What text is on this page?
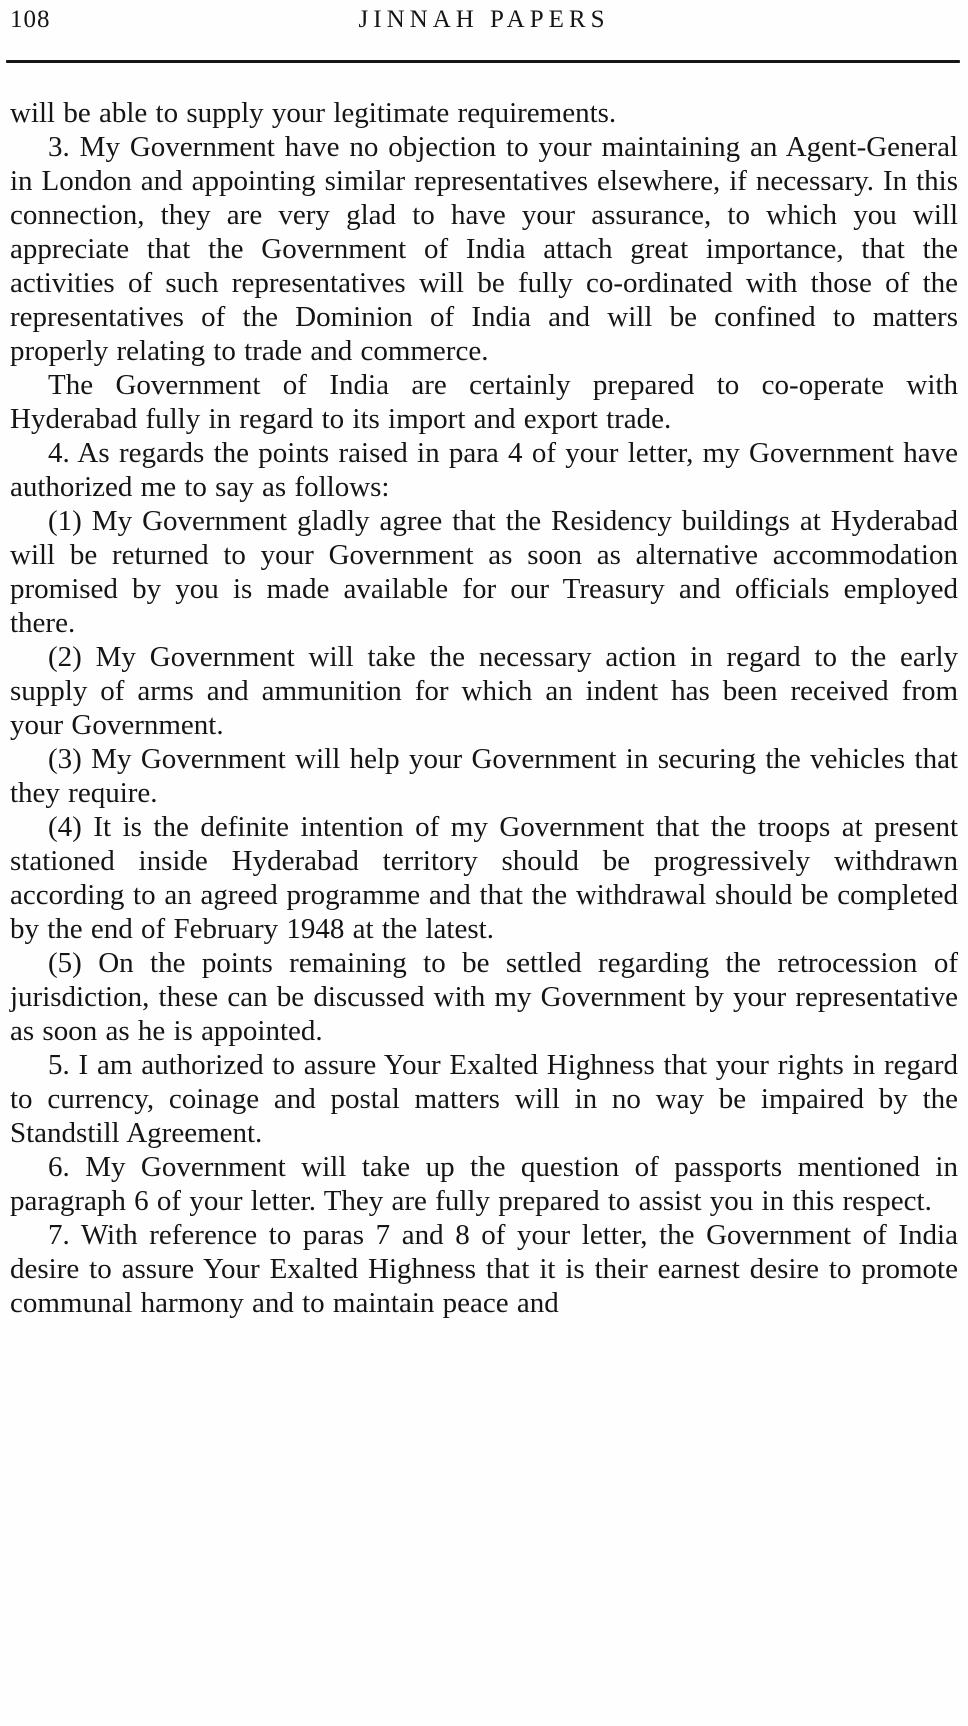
108	JINNAH PAPERS

will be able to supply your legitimate requirements.

3. My Government have no objection to your maintaining an Agent-General in London and appointing similar representatives elsewhere, if necessary. In this connection, they are very glad to have your assurance, to which you will appreciate that the Government of India attach great importance, that the activities of such representatives will be fully co-ordinated with those of the representatives of the Dominion of India and will be confined to matters properly relating to trade and commerce.

The Government of India are certainly prepared to co-operate with Hyderabad fully in regard to its import and export trade.

4. As regards the points raised in para 4 of your letter, my Government have authorized me to say as follows:

(1) My Government gladly agree that the Residency buildings at Hyderabad will be returned to your Government as soon as alternative accommodation promised by you is made available for our Treasury and officials employed there.

(2) My Government will take the necessary action in regard to the early supply of arms and ammunition for which an indent has been received from your Government.

(3) My Government will help your Government in securing the vehicles that they require.

(4) It is the definite intention of my Government that the troops at present stationed inside Hyderabad territory should be progressively withdrawn according to an agreed programme and that the withdrawal should be completed by the end of February 1948 at the latest.

(5) On the points remaining to be settled regarding the retrocession of jurisdiction, these can be discussed with my Government by your representative as soon as he is appointed.

5. I am authorized to assure Your Exalted Highness that your rights in regard to currency, coinage and postal matters will in no way be impaired by the Standstill Agreement.

6. My Government will take up the question of passports mentioned in paragraph 6 of your letter. They are fully prepared to assist you in this respect.

7. With reference to paras 7 and 8 of your letter, the Government of India desire to assure Your Exalted Highness that it is their earnest desire to promote communal harmony and to maintain peace and
